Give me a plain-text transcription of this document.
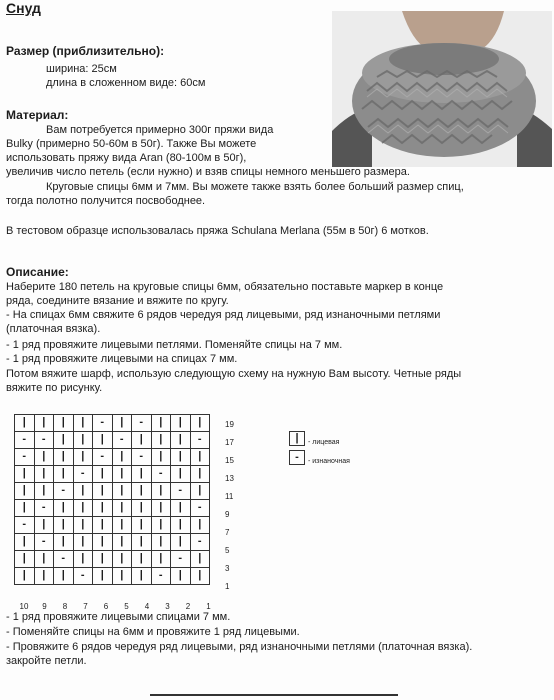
Снуд
Размер (приблизительно):
ширина: 25см
длина в сложенном виде: 60см
Материал:
Вам потребуется примерно 300г пряжи вида
Bulky (примерно 50-60м в 50г). Также Вы можете
использовать пряжу вида Aran (80-100м в 50г),
увеличив число петель (если нужно) и взяв спицы немного меньшего размера.
Круговые спицы 6мм и 7мм. Вы можете также взять более больший размер спиц,
тогда полотно получится посвободнее.
В тестовом образце использовалась пряжа Schulana Merlana (55м в 50г) 6 мотков.
Описание:
Наберите 180 петель на круговые спицы 6мм, обязательно поставьте маркер в конце
ряда, соедините вязание и вяжите по кругу.
- На спицах 6мм свяжите 6 рядов чередуя ряд лицевыми, ряд изнаночными петлями
(платочная вязка).
- 1 ряд провяжите лицевыми петлями. Поменяйте спицы на 7 мм.
- 1 ряд провяжите лицевыми на спицах 7 мм.
Потом вяжите шарф, использую следующую схему на нужную Вам высоту. Четные ряды
вяжите по рисунку.
|	|	|	|	-	|	-	|	|	|
-	-	|	|	|	-	|	|	|	-
-	|	|	|	-	|	-	|	|	|
|	|	|	-	|	|	|	-	|	|
|	|	-	|	|	|	|	|	-	|
|	-	|	|	|	|	|	|	|	-
-	|	|	|	|	|	|	|	|	|
|	-	|	|	|	|	|	|	|	-
|	|	-	|	|	|	|	|	-	|
|	|	|	-	|	|	|	-	|	|
19
17
15
13
11
9
7
5
3
1
10	9	8	7	6	5	4	3	2	1
|	- лицевая
-	- изнаночная
- 1 ряд провяжите лицевыми спицами 7 мм.
- Поменяйте спицы на 6мм и провяжите 1 ряд лицевыми.
- Провяжите 6 рядов чередуя ряд лицевыми, ряд изнаночными петлями (платочная вязка).
закройте петли.
